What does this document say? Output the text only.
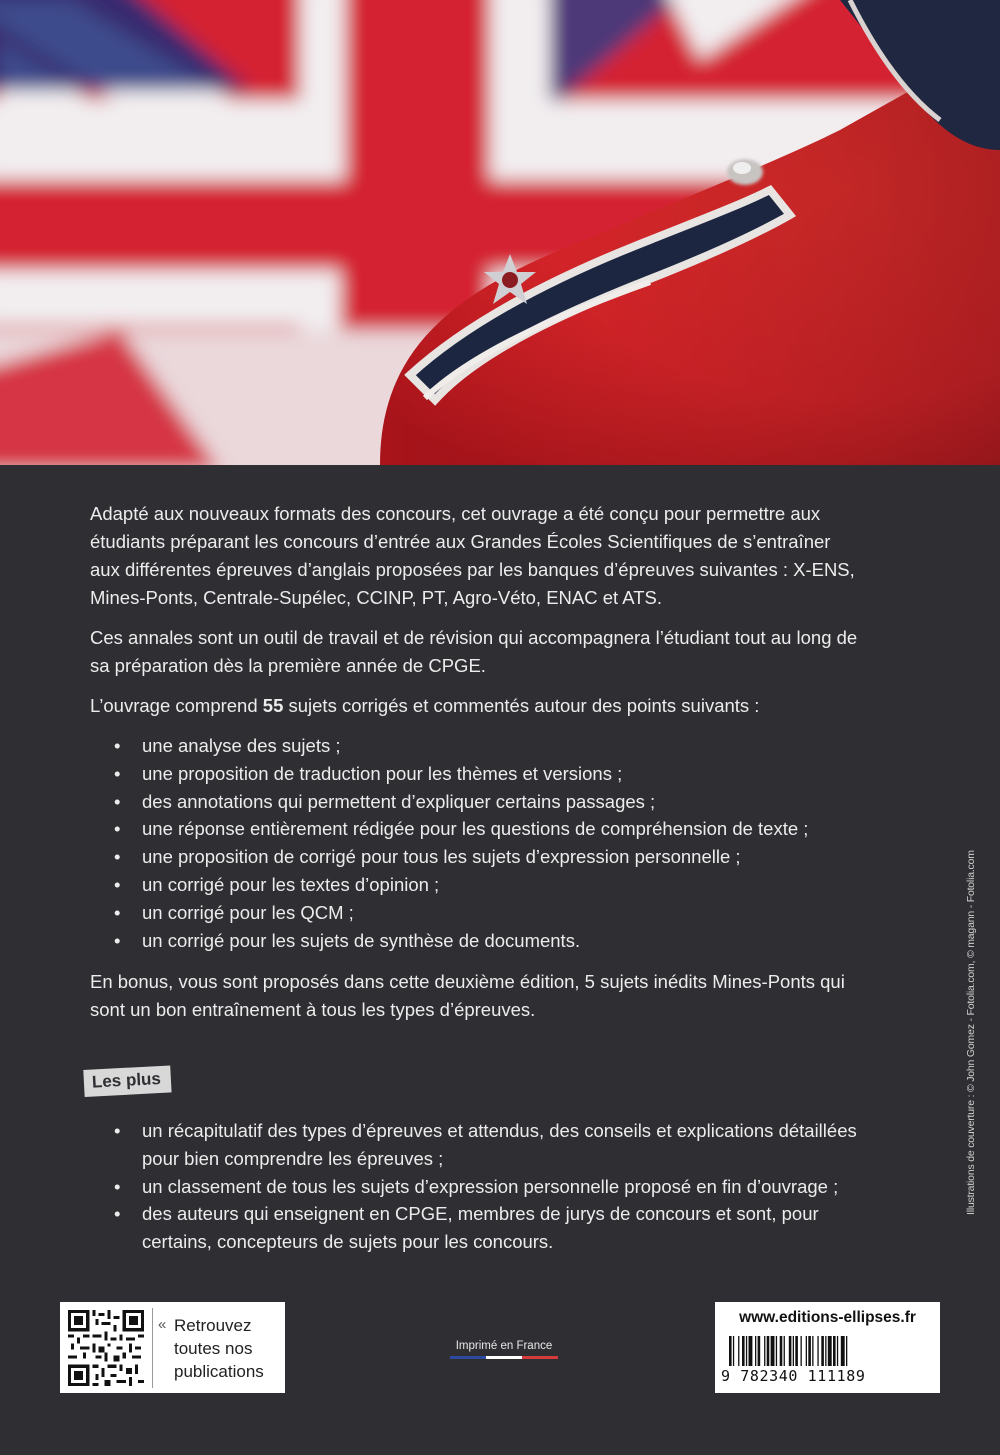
Adapté aux nouveaux formats des concours, cet ouvrage a été conçu pour permettre aux étudiants préparant les concours d’entrée aux Grandes Écoles Scientifiques de s’entraîner aux différentes épreuves d’anglais proposées par les banques d’épreuves suivantes : X-ENS, Mines-Ponts, Centrale-Supélec, CCINP, PT, Agro-Véto, ENAC et ATS.

Ces annales sont un outil de travail et de révision qui accompagnera l’étudiant tout au long de sa préparation dès la première année de CPGE.

L’ouvrage comprend 55 sujets corrigés et commentés autour des points suivants :

• une analyse des sujets ;
• une proposition de traduction pour les thèmes et versions ;
• des annotations qui permettent d’expliquer certains passages ;
• une réponse entièrement rédigée pour les questions de compréhension de texte ;
• une proposition de corrigé pour tous les sujets d’expression personnelle ;
• un corrigé pour les textes d’opinion ;
• un corrigé pour les QCM ;
• un corrigé pour les sujets de synthèse de documents.

En bonus, vous sont proposés dans cette deuxième édition, 5 sujets inédits Mines-Ponts qui sont un bon entraînement à tous les types d’épreuves.

Les plus
• un récapitulatif des types d’épreuves et attendus, des conseils et explications détaillées pour bien comprendre les épreuves ;
• un classement de tous les sujets d’expression personnelle proposé en fin d’ouvrage ;
• des auteurs qui enseignent en CPGE, membres de jurys de concours et sont, pour certains, concepteurs de sujets pour les concours.
Illustrations de couverture : © John Gomez - Fotolia.com, © magann - Fotolia.com
« Retrouvez
toutes nos
publications
Imprimé en France
www.editions-ellipses.fr
9 782340 111189
